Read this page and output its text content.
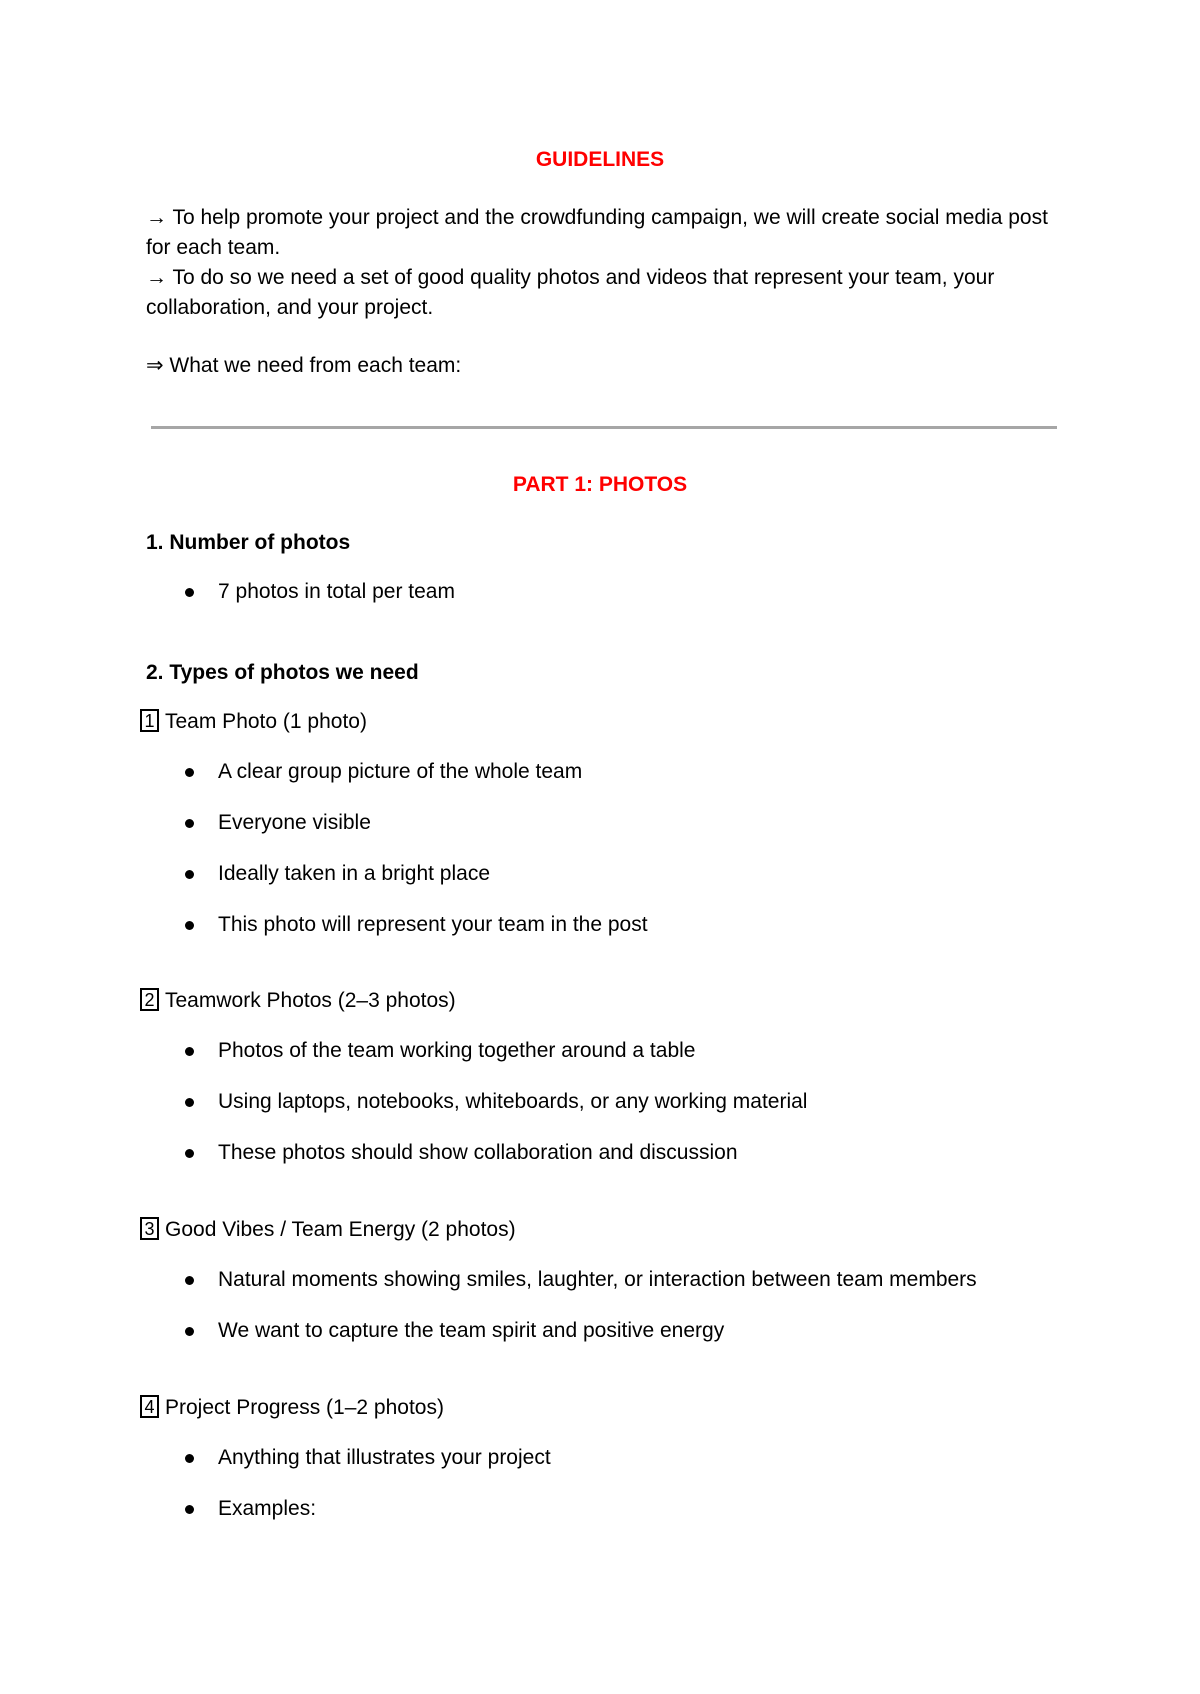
GUIDELINES
→ To help promote your project and the crowdfunding campaign, we will create social media post for each team.
→ To do so we need a set of good quality photos and videos that represent your team, your collaboration, and your project.
⇒ What we need from each team:
PART 1: PHOTOS
1. Number of photos
7 photos in total per team
2. Types of photos we need
1 Team Photo (1 photo)
A clear group picture of the whole team
Everyone visible
Ideally taken in a bright place
This photo will represent your team in the post
2 Teamwork Photos (2–3 photos)
Photos of the team working together around a table
Using laptops, notebooks, whiteboards, or any working material
These photos should show collaboration and discussion
3 Good Vibes / Team Energy (2 photos)
Natural moments showing smiles, laughter, or interaction between team members
We want to capture the team spirit and positive energy
4 Project Progress (1–2 photos)
Anything that illustrates your project
Examples:
